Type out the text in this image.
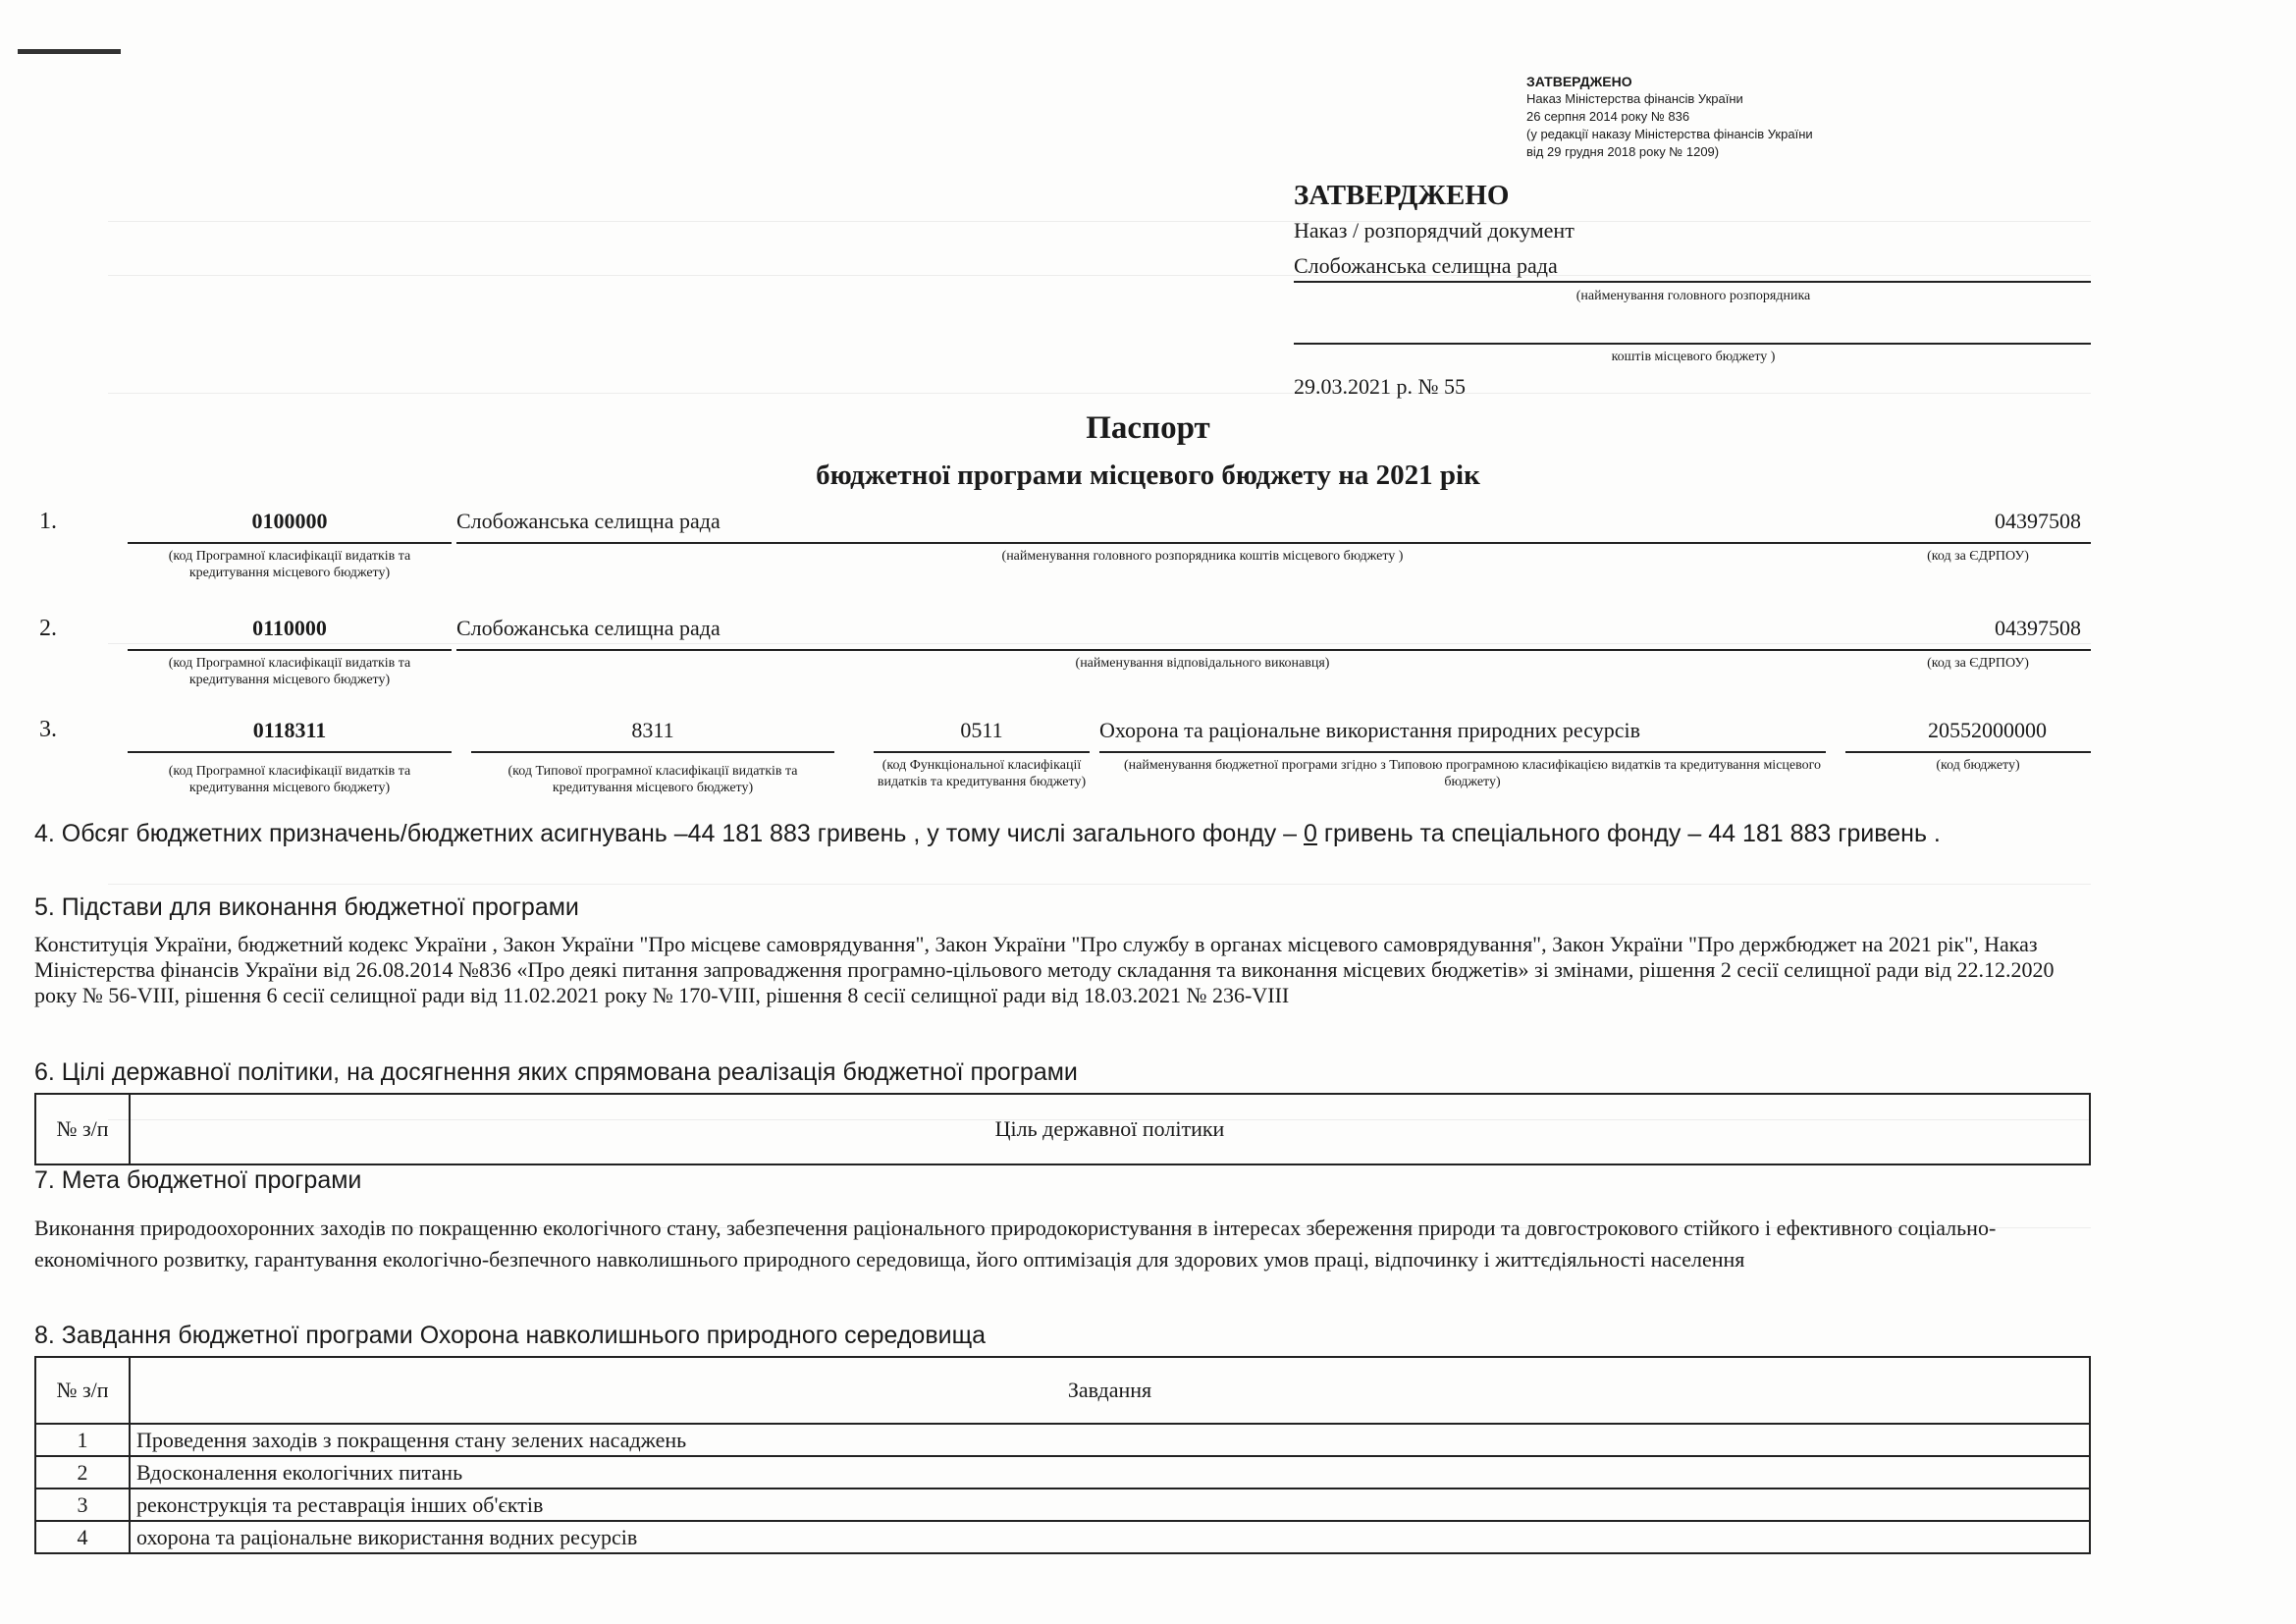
ЗАТВЕРДЖЕНО
Наказ Міністерства фінансів України
26 серпня 2014 року № 836
(у редакції наказу Міністерства фінансів України
від 29 грудня 2018 року № 1209)
ЗАТВЕРДЖЕНО
Наказ / розпорядчий документ
Слобожанська селищна рада
(найменування головного розпорядника
коштів місцевого бюджету )
29.03.2021 р. № 55
Паспорт
бюджетної програми місцевого бюджету на 2021 рік
1.	0100000	Слобожанська селищна рада	04397508
(код Програмної класифікації видатків та кредитування місцевого бюджету)
(найменування головного розпорядника коштів місцевого бюджету )	(код за ЄДРПОУ)
2.	0110000	Слобожанська селищна рада	04397508
(код Програмної класифікації видатків та кредитування місцевого бюджету)
(найменування відповідального виконавця)	(код за ЄДРПОУ)
3.	0118311	8311	0511	Охорона та раціональне використання природних ресурсів	20552000000
(код Програмної класифікації видатків та кредитування місцевого бюджету)
(код Типової програмної класифікації видатків та кредитування місцевого бюджету)
(код Функціональної класифікації видатків та кредитування бюджету)
(найменування бюджетної програми згідно з Типовою програмною класифікацією видатків та кредитування місцевого бюджету)
(код бюджету)
4. Обсяг бюджетних призначень/бюджетних асигнувань –44 181 883 гривень , у тому числі загального фонду – 0 гривень та спеціального фонду – 44 181 883 гривень .
5. Підстави для виконання бюджетної програми
Конституція України, бюджетний кодекс України , Закон України "Про місцеве самоврядування", Закон України "Про службу в органах місцевого самоврядування", Закон України "Про держбюджет на 2021 рік", Наказ Міністерства фінансів України від 26.08.2014 №836 «Про деякі питання запровадження програмно-цільового методу складання та виконання місцевих бюджетів» зі змінами, рішення 2 сесії селищної ради від 22.12.2020 року № 56-VIII, рішення 6 сесії селищної ради від 11.02.2021 року № 170-VIII, рішення 8 сесії селищної ради від 18.03.2021 № 236-VIII
6. Цілі державної політики, на досягнення яких спрямована реалізація бюджетної програми
№ з/п	Ціль державної політики
7. Мета бюджетної програми
Виконання природоохоронних заходів по покращенню екологічного стану, забезпечення раціонального природокористування в інтересах збереження природи та довгострокового стійкого і ефективного соціально-економічного розвитку, гарантування екологічно-безпечного навколишнього природного середовища, його оптимізація для здорових умов праці, відпочинку і життєдіяльності населення
8. Завдання бюджетної програми Охорона навколишнього природного середовища
№ з/п	Завдання
1	Проведення заходів з покращення стану зелених насаджень
2	Вдосконалення екологічних питань
3	реконструкція та реставрація інших об'єктів
4	охорона та раціональне використання водних ресурсів
